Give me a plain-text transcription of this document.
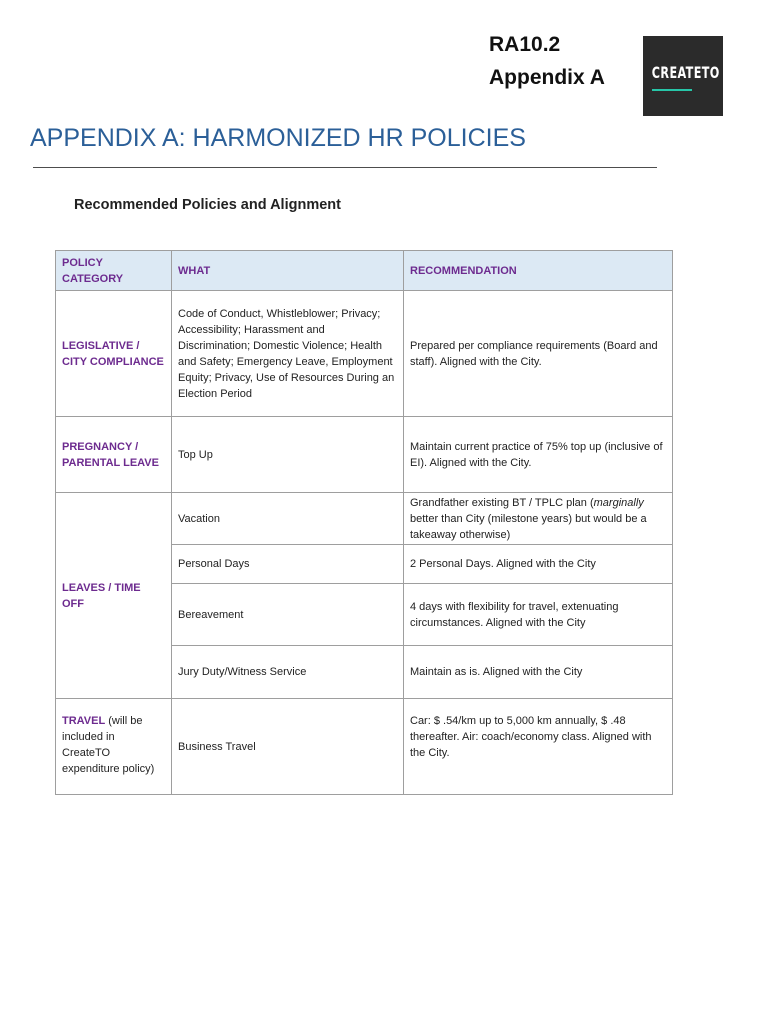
RA10.2
Appendix A	CREATETO
APPENDIX A: HARMONIZED HR POLICIES
Recommended Policies and Alignment
POLICY CATEGORY	WHAT	RECOMMENDATION
LEGISLATIVE / CITY COMPLIANCE	Code of Conduct, Whistleblower; Privacy; Accessibility; Harassment and Discrimination; Domestic Violence; Health and Safety; Emergency Leave, Employment Equity; Privacy, Use of Resources During an Election Period	Prepared per compliance requirements (Board and staff). Aligned with the City.
PREGNANCY / PARENTAL LEAVE	Top Up	Maintain current practice of 75% top up (inclusive of EI). Aligned with the City.
LEAVES / TIME OFF	Vacation	Grandfather existing BT / TPLC plan (marginally better than City (milestone years) but would be a takeaway otherwise)
	Personal Days	2 Personal Days. Aligned with the City
	Bereavement	4 days with flexibility for travel, extenuating circumstances. Aligned with the City
	Jury Duty/Witness Service	Maintain as is. Aligned with the City
TRAVEL (will be included in CreateTO expenditure policy)	Business Travel	Car: $ .54/km up to 5,000 km annually, $ .48 thereafter. Air: coach/economy class. Aligned with the City.
